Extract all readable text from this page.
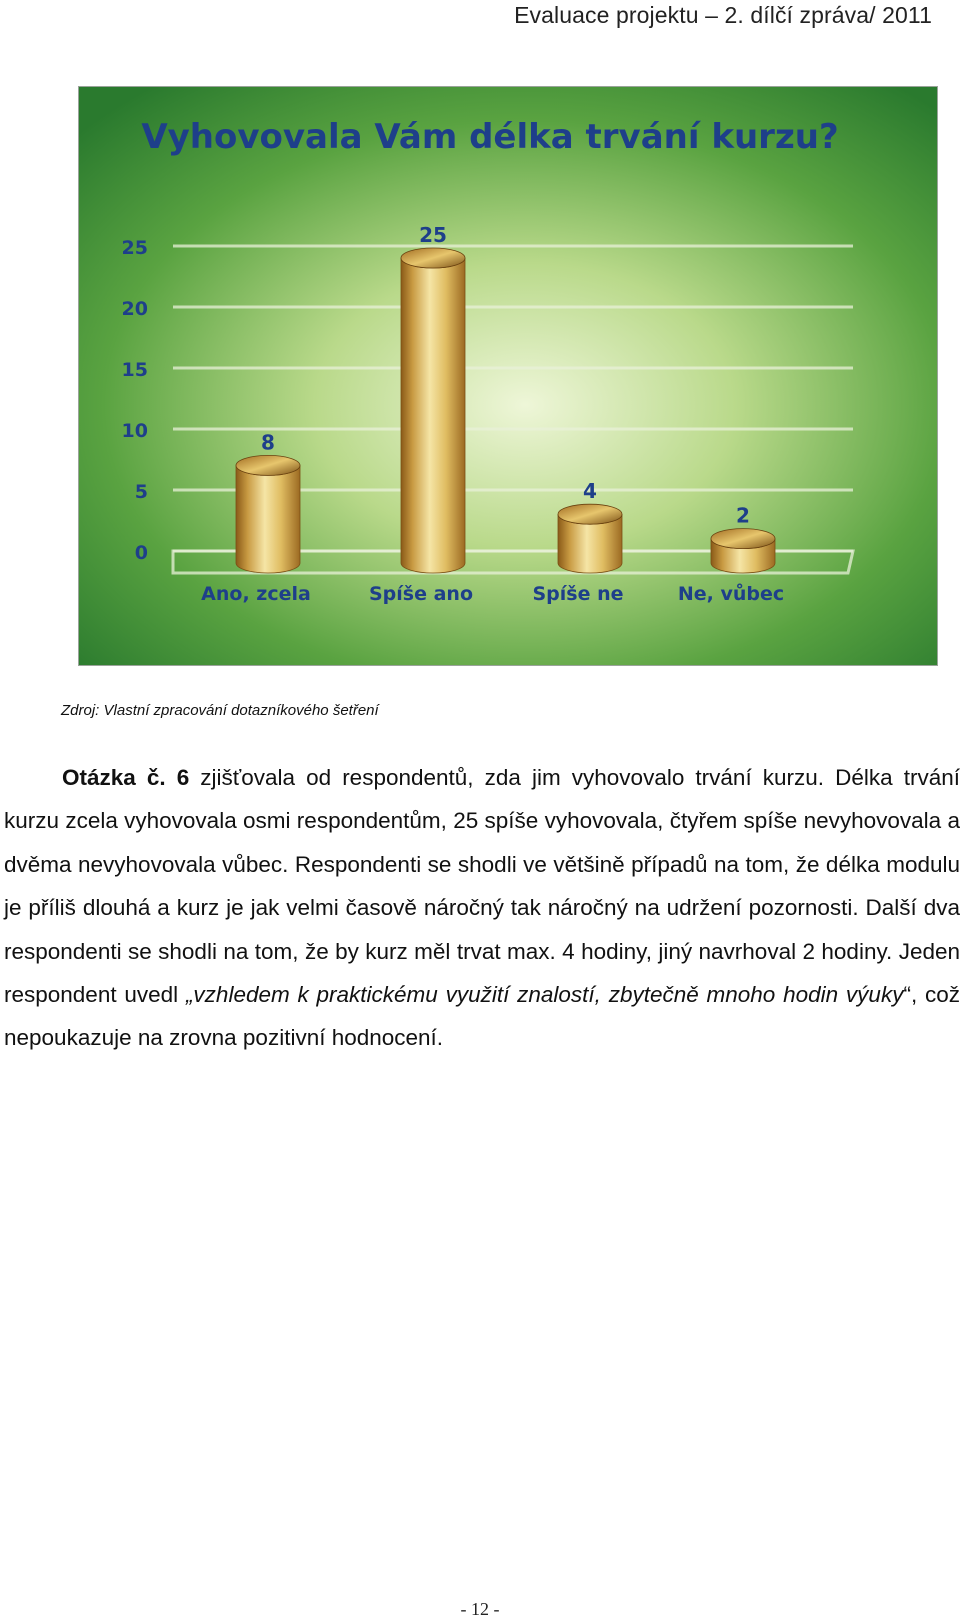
Evaluace projektu – 2. dílčí zpráva/ 2011
Vyhovovala Vám délka trvání kurzu?
0
5
10
15
20
25
8
25
4
2
Ano, zcela	Spíše ano	Spíše ne	Ne, vůbec
Zdroj: Vlastní zpracování dotazníkového šetření

Otázka č. 6 zjišťovala od respondentů, zda jim vyhovovalo trvání kurzu. Délka trvání kurzu zcela vyhovovala osmi respondentům, 25 spíše vyhovovala, čtyřem spíše nevyhovovala a dvěma nevyhovovala vůbec. Respondenti se shodli ve většině případů na tom, že délka modulu je příliš dlouhá a kurz je jak velmi časově náročný tak náročný na udržení pozornosti. Další dva respondenti se shodli na tom, že by kurz měl trvat max. 4 hodiny, jiný navrhoval 2 hodiny. Jeden respondent uvedl „vzhledem k praktickému využití znalostí, zbytečně mnoho hodin výuky“, což nepoukazuje na zrovna pozitivní hodnocení.

- 12 -
